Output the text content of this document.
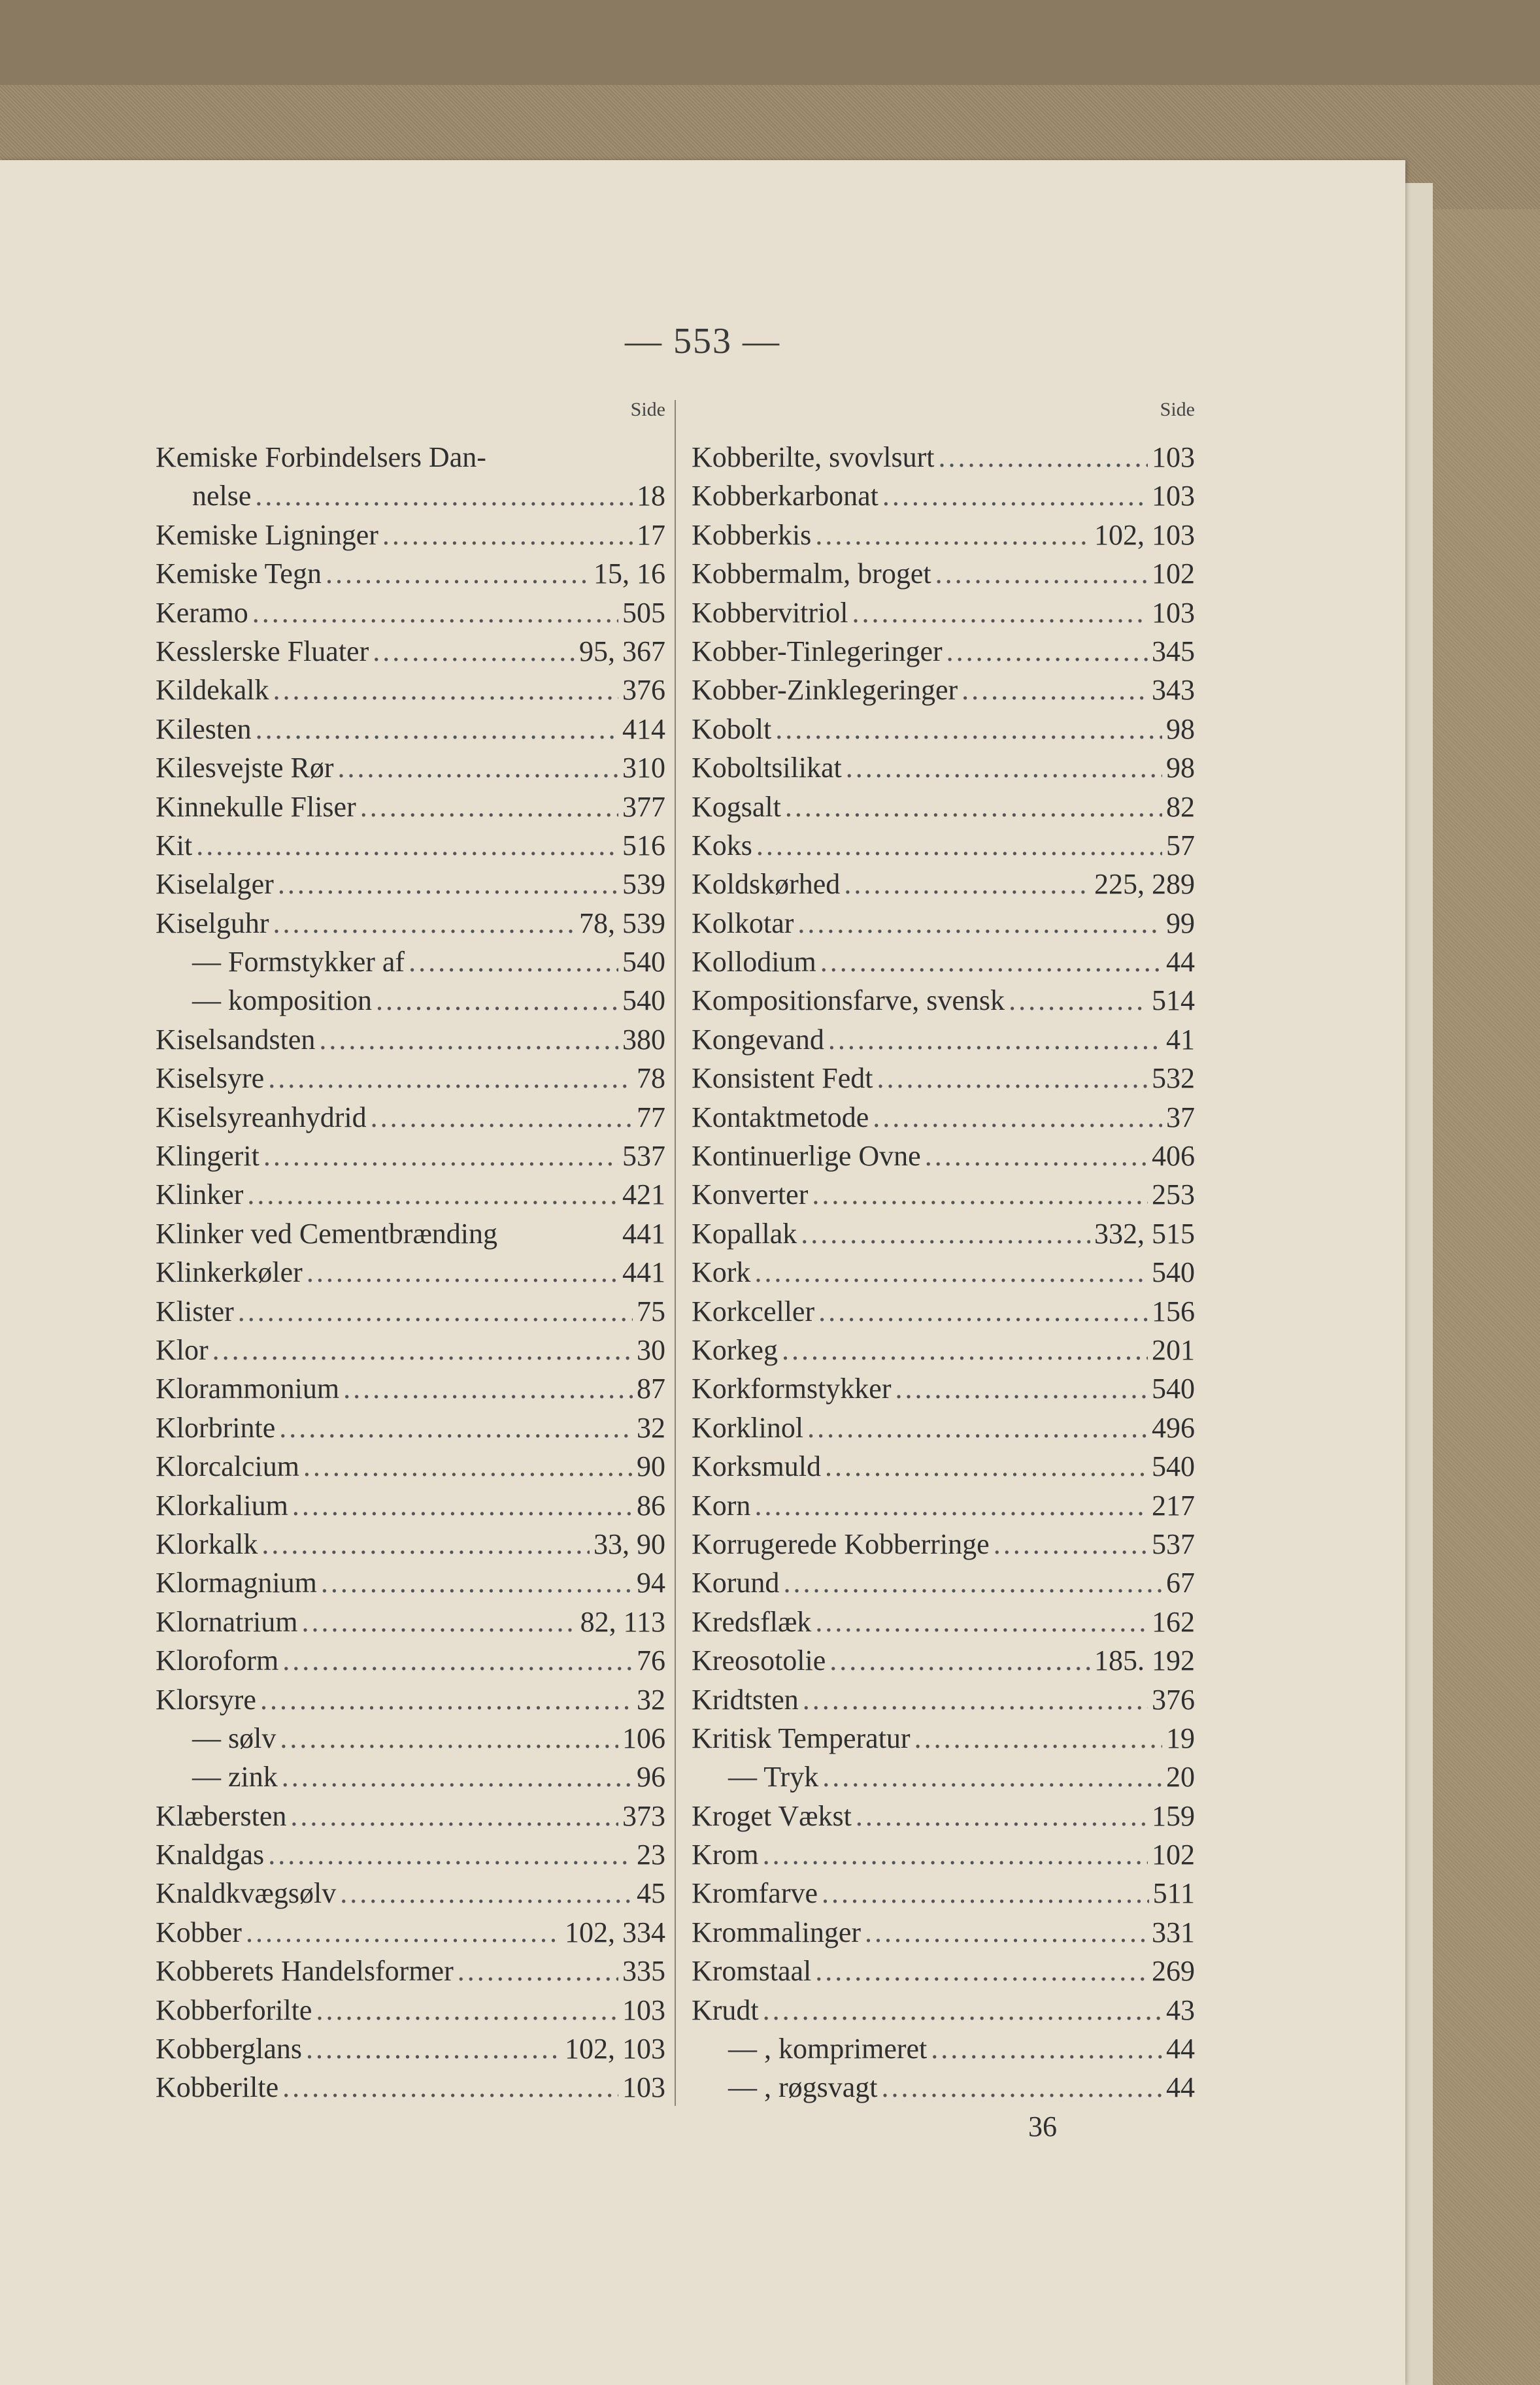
— 553 —
Side
Kemiske Forbindelsers Dan-
nelse .....	18
Kemiske Ligninger .....	17
Kemiske Tegn .....	15, 16
Keramo .....	505
Kesslerske Fluater .....	95, 367
Kildekalk .....	376
Kilesten .....	414
Kilesvejste Rør .....	310
Kinnekulle Fliser .....	377
Kit .....	516
Kiselalger .....	539
Kiselguhr .....	78, 539
— Formstykker af .....	540
— komposition .....	540
Kiselsandsten .....	380
Kiselsyre .....	78
Kiselsyreanhydrid .....	77
Klingerit .....	537
Klinker .....	421
Klinker ved Cementbrænding	441
Klinkerkøler .....	441
Klister .....	75
Klor .....	30
Klorammonium .....	87
Klorbrinte .....	32
Klorcalcium .....	90
Klorkalium .....	86
Klorkalk .....	33, 90
Klormagnium .....	94
Klornatrium .....	82, 113
Kloroform .....	76
Klorsyre .....	32
— sølv .....	106
— zink .....	96
Klæbersten .....	373
Knaldgas .....	23
Knaldkvægsølv .....	45
Kobber .....	102, 334
Kobberets Handelsformer .....	335
Kobberforilte .....	103
Kobberglans .....	102, 103
Kobberilte .....	103
Side
Kobberilte, svovlsurt .....	103
Kobberkarbonat .....	103
Kobberkis .....	102, 103
Kobbermalm, broget .....	102
Kobbervitriol .....	103
Kobber-Tinlegeringer .....	345
Kobber-Zinklegeringer .....	343
Kobolt .....	98
Koboltsilikat .....	98
Kogsalt .....	82
Koks .....	57
Koldskørhed .....	225, 289
Kolkotar .....	99
Kollodium .....	44
Kompositionsfarve, svensk .....	514
Kongevand .....	41
Konsistent Fedt .....	532
Kontaktmetode .....	37
Kontinuerlige Ovne .....	406
Konverter .....	253
Kopallak .....	332, 515
Kork .....	540
Korkceller .....	156
Korkeg .....	201
Korkformstykker .....	540
Korklinol .....	496
Korksmuld .....	540
Korn .....	217
Korrugerede Kobberringe .....	537
Korund .....	67
Kredsflæk .....	162
Kreosotolie .....	185. 192
Kridtsten .....	376
Kritisk Temperatur .....	19
— Tryk .....	20
Kroget Vækst .....	159
Krom .....	102
Kromfarve .....	511
Krommalinger .....	331
Kromstaal .....	269
Krudt .....	43
— , komprimeret .....	44
— , røgsvagt .....	44
36
